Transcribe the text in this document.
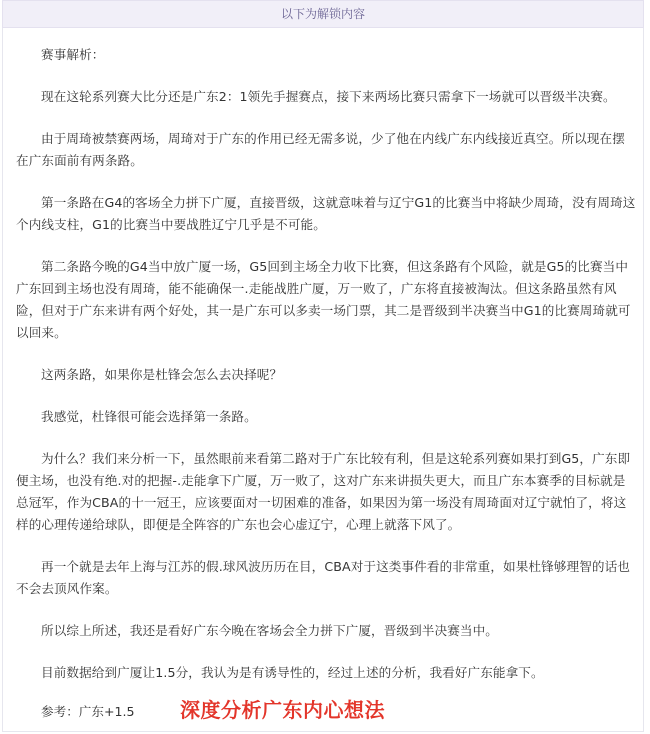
以下为解锁内容

赛事解析：

现在这轮系列赛大比分还是广东2：1领先手握赛点，接下来两场比赛只需拿下一场就可以晋级半决赛。

由于周琦被禁赛两场，周琦对于广东的作用已经无需多说，少了他在内线广东内线接近真空。所以现在摆在广东面前有两条路。

第一条路在G4的客场全力拼下广厦，直接晋级，这就意味着与辽宁G1的比赛当中将缺少周琦，没有周琦这个内线支柱，G1的比赛当中要战胜辽宁几乎是不可能。

第二条路今晚的G4当中放广厦一场，G5回到主场全力收下比赛，但这条路有个风险，就是G5的比赛当中广东回到主场也没有周琦，能不能确保一.走能战胜广厦，万一败了，广东将直接被淘汰。但这条路虽然有风险，但对于广东来讲有两个好处，其一是广东可以多卖一场门票，其二是晋级到半决赛当中G1的比赛周琦就可以回来。

这两条路，如果你是杜锋会怎么去决择呢？

我感觉，杜锋很可能会选择第一条路。

为什么？我们来分析一下，虽然眼前来看第二路对于广东比较有利，但是这轮系列赛如果打到G5，广东即便主场，也没有绝.对的把握-.走能拿下广厦，万一败了，这对广东来讲损失更大，而且广东本赛季的目标就是总冠军，作为CBA的十一冠王，应该要面对一切困难的准备，如果因为第一场没有周琦面对辽宁就怕了，将这样的心理传递给球队，即便是全阵容的广东也会心虚辽宁，心理上就落下风了。

再一个就是去年上海与江苏的假.球风波历历在目，CBA对于这类事件看的非常重，如果杜锋够理智的话也不会去顶风作案。

所以综上所述，我还是看好广东今晚在客场会全力拼下广厦，晋级到半决赛当中。

目前数据给到广厦让1.5分，我认为是有诱导性的，经过上述的分析，我看好广东能拿下。

参考：广东+1.5 深度分析广东内心想法
